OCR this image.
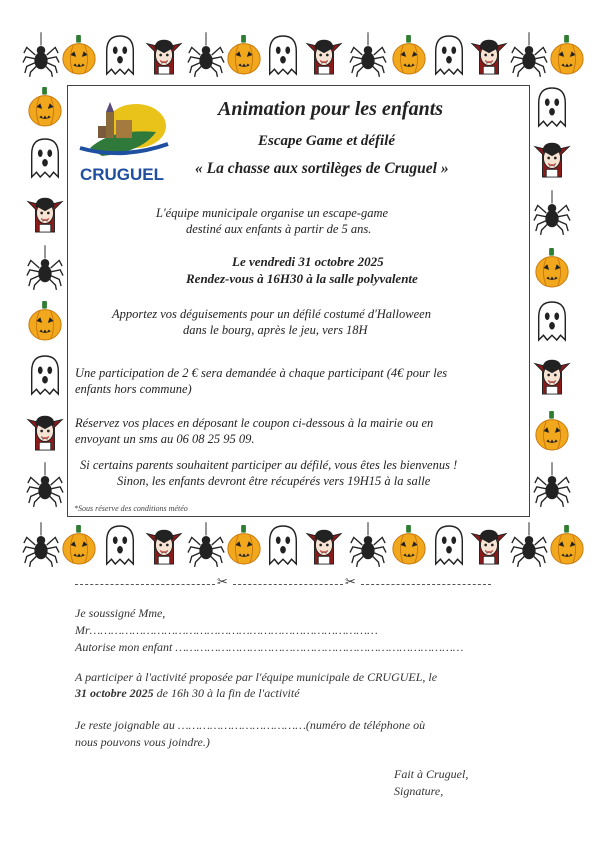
CRUGUEL
Animation pour les enfants
Escape Game et défilé
« La chasse aux sortilèges de Cruguel »
L'équipe municipale organise un escape-game
destiné aux enfants à partir de 5 ans.
Le vendredi 31 octobre 2025
Rendez-vous à 16H30 à la salle polyvalente
Apportez vos déguisements pour un défilé costumé d'Halloween
dans le bourg, après le jeu, vers 18H
Une participation de 2 € sera demandée à chaque participant (4€ pour les
enfants hors commune)
Réservez vos places en déposant le coupon ci-dessous à la mairie ou en
envoyant un sms au 06 08 25 95 09.
Si certains parents souhaitent participer au défilé, vous êtes les bienvenus !
Sinon, les enfants devront être récupérés vers 19H15 à la salle
*Sous réserve des conditions météo
✂	✂
Je soussigné Mme,
Mr………………………………………………………………………
Autorise mon enfant ………………………………………………………………………
A participer à l'activité proposée par l'équipe municipale de CRUGUEL, le
31 octobre 2025 de 16h 30 à la fin de l'activité
Je reste joignable au ………………………………(numéro de téléphone où
nous pouvons vous joindre.)
Fait à Cruguel,
Signature,
